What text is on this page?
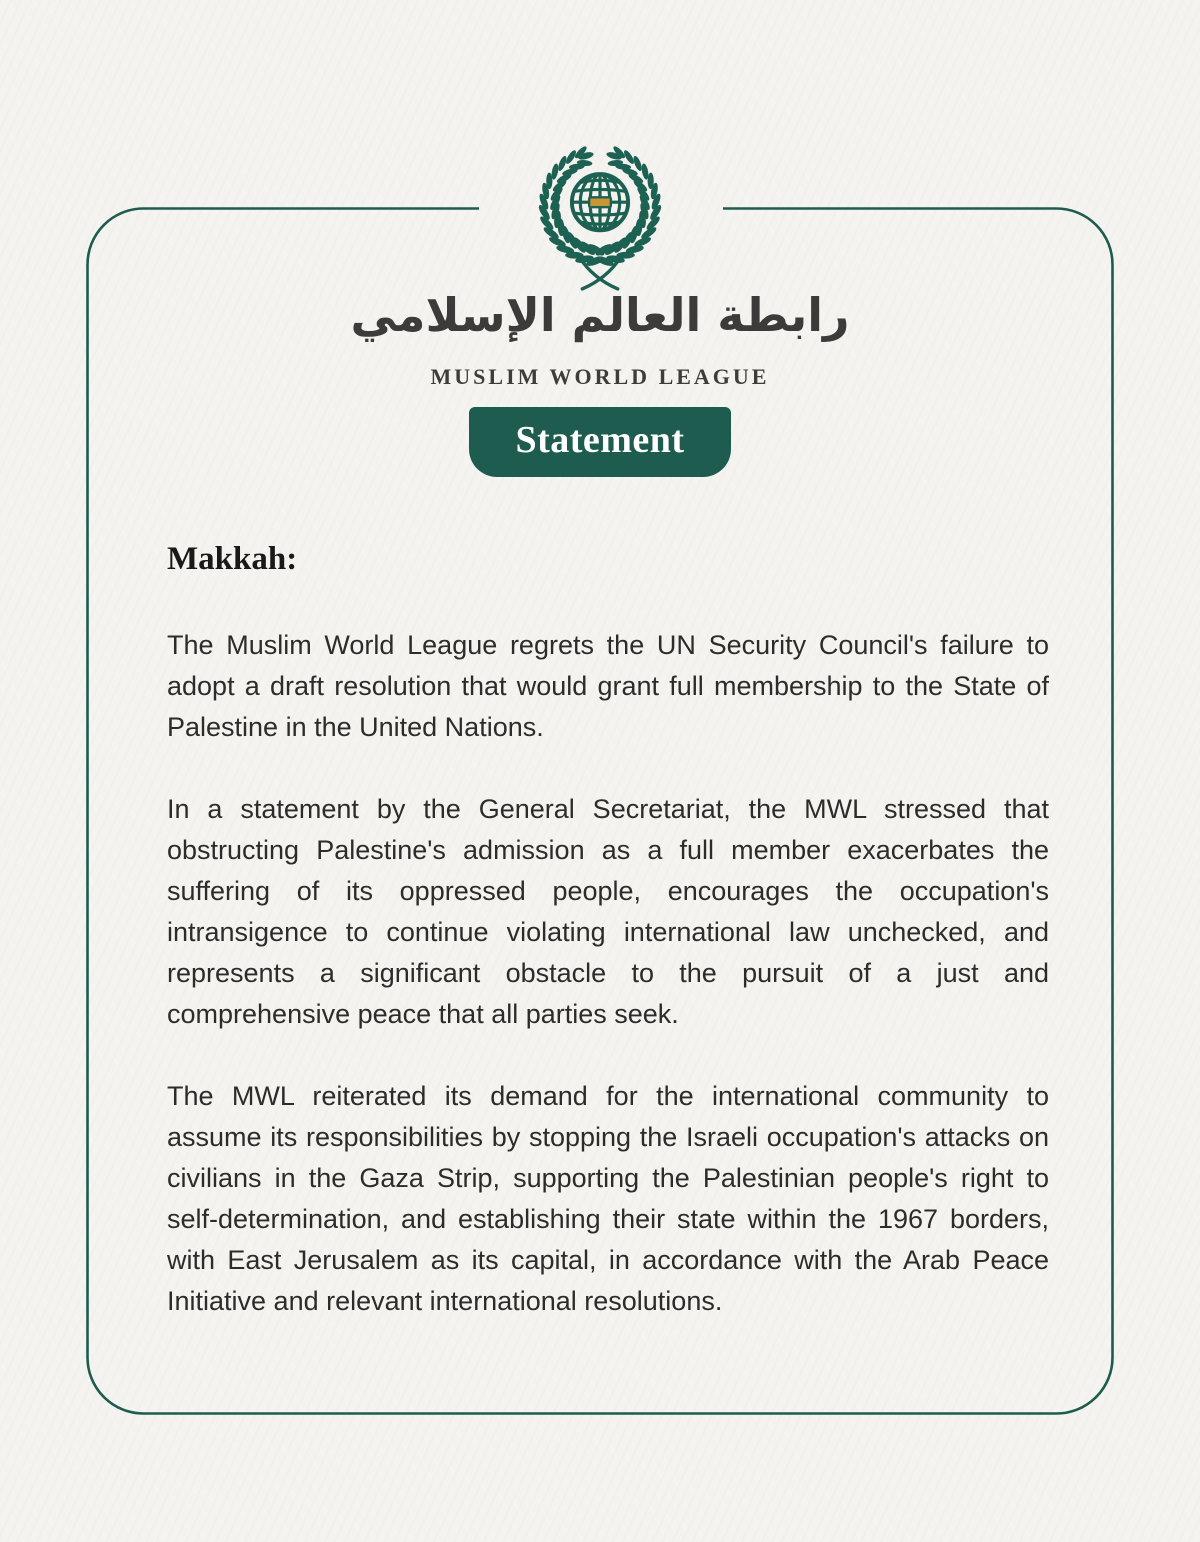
رابطة العالم الإسلامي
MUSLIM WORLD LEAGUE
Statement
Makkah:

The Muslim World League regrets the UN Security Council's failure to adopt a draft resolution that would grant full membership to the State of Palestine in the United Nations.

In a statement by the General Secretariat, the MWL stressed that obstructing Palestine's admission as a full member exacerbates the suffering of its oppressed people, encourages the occupation's intransigence to continue violating international law unchecked, and represents a significant obstacle to the pursuit of a just and comprehensive peace that all parties seek.

The MWL reiterated its demand for the international community to assume its responsibilities by stopping the Israeli occupation's attacks on civilians in the Gaza Strip, supporting the Palestinian people's right to self-determination, and establishing their state within the 1967 borders, with East Jerusalem as its capital, in accordance with the Arab Peace Initiative and relevant international resolutions.
